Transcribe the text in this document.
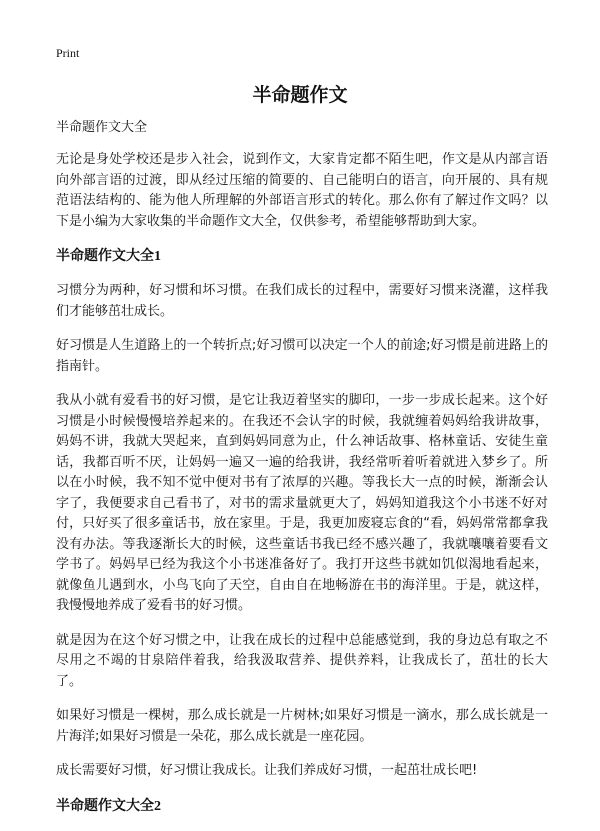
Print
半命题作文

半命题作文大全

无论是身处学校还是步入社会，说到作文，大家肯定都不陌生吧，作文是从内部言语向外部言语的过渡，即从经过压缩的简要的、自己能明白的语言，向开展的、具有规范语法结构的、能为他人所理解的外部语言形式的转化。那么你有了解过作文吗？以下是小编为大家收集的半命题作文大全，仅供参考，希望能够帮助到大家。

半命题作文大全1

习惯分为两种，好习惯和坏习惯。在我们成长的过程中，需要好习惯来浇灌，这样我们才能够茁壮成长。

好习惯是人生道路上的一个转折点;好习惯可以决定一个人的前途;好习惯是前进路上的指南针。

我从小就有爱看书的好习惯，是它让我迈着坚实的脚印，一步一步成长起来。这个好习惯是小时候慢慢培养起来的。在我还不会认字的时候，我就缠着妈妈给我讲故事，妈妈不讲，我就大哭起来，直到妈妈同意为止，什么神话故事、格林童话、安徒生童话，我都百听不厌，让妈妈一遍又一遍的给我讲，我经常听着听着就进入梦乡了。所以在小时候，我不知不觉中便对书有了浓厚的兴趣。等我长大一点的时候，渐渐会认字了，我便要求自己看书了，对书的需求量就更大了，妈妈知道我这个小书迷不好对付，只好买了很多童话书，放在家里。于是，我更加废寝忘食的“看，妈妈常常都拿我没有办法。等我逐渐长大的时候，这些童话书我已经不感兴趣了，我就嚷嚷着要看文学书了。妈妈早已经为我这个小书迷准备好了。我打开这些书就如饥似渴地看起来，就像鱼儿遇到水，小鸟飞向了天空，自由自在地畅游在书的海洋里。于是，就这样，我慢慢地养成了爱看书的好习惯。

就是因为在这个好习惯之中，让我在成长的过程中总能感觉到，我的身边总有取之不尽用之不竭的甘泉陪伴着我，给我汲取营养、提供养料，让我成长了，茁壮的长大了。

如果好习惯是一棵树，那么成长就是一片树林;如果好习惯是一滴水，那么成长就是一片海洋;如果好习惯是一朵花，那么成长就是一座花园。

成长需要好习惯，好习惯让我成长。让我们养成好习惯，一起茁壮成长吧!

半命题作文大全2
